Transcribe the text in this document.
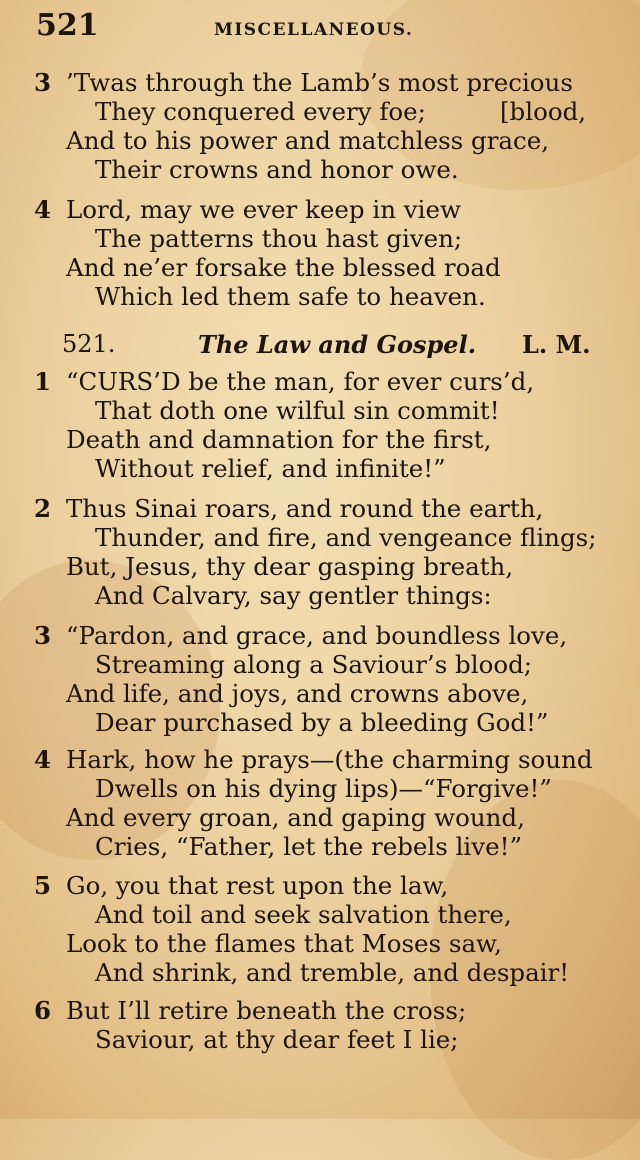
521	MISCELLANEOUS.
3 ’Twas through the Lamb’s most precious
They conquered every foe;	[blood,
And to his power and matchless grace,
Their crowns and honor owe.
4 Lord, may we ever keep in view
The patterns thou hast given;
And ne’er forsake the blessed road
Which led them safe to heaven.
521.	The Law and Gospel. L. M.
1 “CURS’D be the man, for ever curs’d,
That doth one wilful sin commit!
Death and damnation for the first,
Without relief, and infinite!”
2 Thus Sinai roars, and round the earth,
Thunder, and fire, and vengeance flings;
But, Jesus, thy dear gasping breath,
And Calvary, say gentler things:
3 “Pardon, and grace, and boundless love,
Streaming along a Saviour’s blood;
And life, and joys, and crowns above,
Dear purchased by a bleeding God!”
4 Hark, how he prays—(the charming sound
Dwells on his dying lips)—“Forgive!”
And every groan, and gaping wound,
Cries, “Father, let the rebels live!”
5 Go, you that rest upon the law,
And toil and seek salvation there,
Look to the flames that Moses saw,
And shrink, and tremble, and despair!
6 But I’ll retire beneath the cross;
Saviour, at thy dear feet I lie;
